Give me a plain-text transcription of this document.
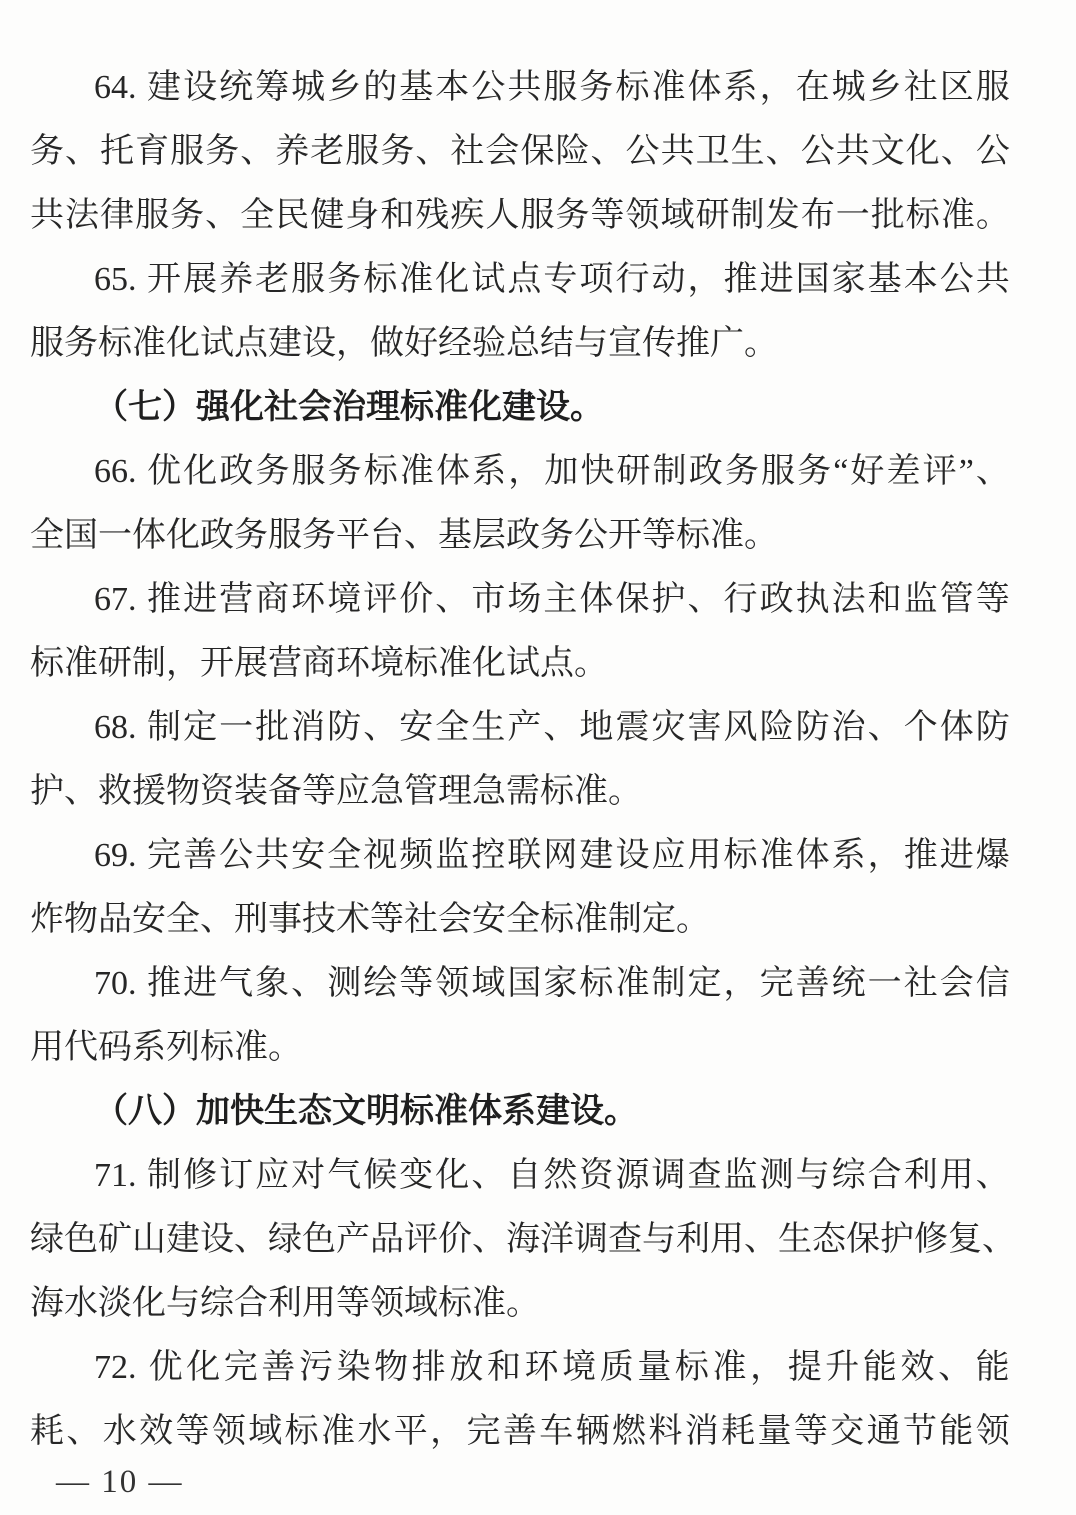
64. 建 设 统 筹 城 乡 的 基 本 公 共 服 务 标 准 体 系 ， 在 城 乡 社 区 服
务 、 托 育 服 务 、 养 老 服 务 、 社 会 保 险 、 公 共 卫 生 、 公 共 文 化 、 公
共 法 律 服 务 、 全 民 健 身 和 残 疾 人 服 务 等 领 域 研 制 发 布 一 批 标 准 。
65. 开 展 养 老 服 务 标 准 化 试 点 专 项 行 动 ， 推 进 国 家 基 本 公 共
服务标准化试点建设，做好经验总结与宣传推广。
（七）强化社会治理标准化建设。
66. 优 化 政 务 服 务 标 准 体 系 ， 加 快 研 制 政 务 服 务 “ 好 差 评 ” 、
全国一体化政务服务平台、基层政务公开等标准。
67. 推 进 营 商 环 境 评 价 、 市 场 主 体 保 护 、 行 政 执 法 和 监 管 等
标准研制，开展营商环境标准化试点。
68. 制 定 一 批 消 防 、 安 全 生 产 、 地 震 灾 害 风 险 防 治 、 个 体 防
护、救援物资装备等应急管理急需标准。
69. 完 善 公 共 安 全 视 频 监 控 联 网 建 设 应 用 标 准 体 系 ， 推 进 爆
炸物品安全、刑事技术等社会安全标准制定。
70. 推 进 气 象 、 测 绘 等 领 域 国 家 标 准 制 定 ， 完 善 统 一 社 会 信
用代码系列标准。
（八）加快生态文明标准体系建设。
71. 制 修 订 应 对 气 候 变 化 、 自 然 资 源 调 查 监 测 与 综 合 利 用 、
绿 色 矿 山 建 设 、 绿 色 产 品 评 价 、 海 洋 调 查 与 利 用 、 生 态 保 护 修 复 、
海水淡化与综合利用等领域标准。
72. 优 化 完 善 污 染 物 排 放 和 环 境 质 量 标 准 ， 提 升 能 效 、 能
耗 、 水 效 等 领 域 标 准 水 平 ， 完 善 车 辆 燃 料 消 耗 量 等 交 通 节 能 领
— 10 —
